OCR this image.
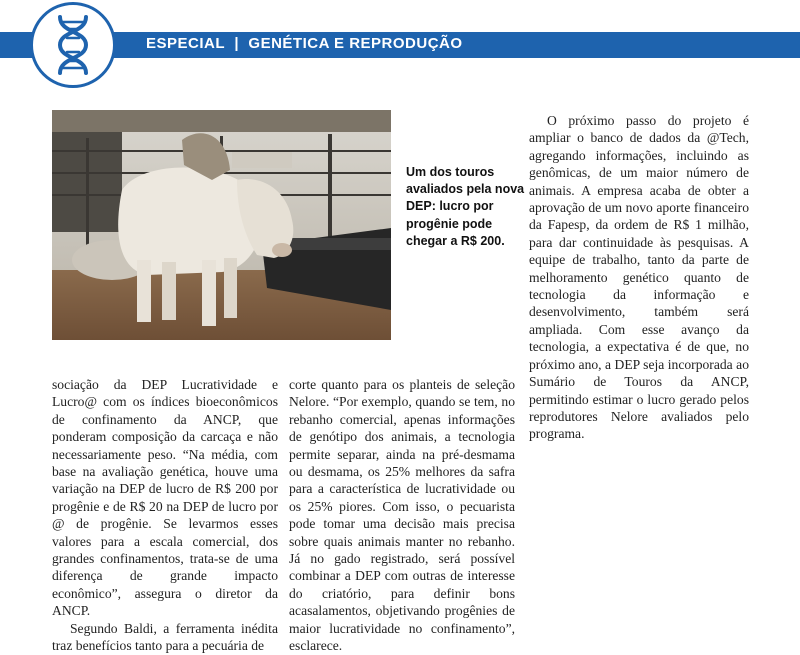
ESPECIAL | GENÉTICA E REPRODUÇÃO
Um dos touros avaliados pela nova DEP: lucro por progênie pode chegar a R$ 200.

sociação da DEP Lucratividade e Lucro@ com os índices bioeconômicos de confinamento da ANCP, que ponderam composição da carcaça e não necessariamente peso. “Na média, com base na avaliação genética, houve uma variação na DEP de lucro de R$ 200 por progênie e de R$ 20 na DEP de lucro por @ de progênie. Se levarmos esses valores para a escala comercial, dos grandes confinamentos, trata-se de uma diferença de grande impacto econômico”, assegura o diretor da ANCP.

Segundo Baldi, a ferramenta inédita traz benefícios tanto para a pecuária de

corte quanto para os planteis de seleção Nelore. “Por exemplo, quando se tem, no rebanho comercial, apenas informações de genótipo dos animais, a tecnologia permite separar, ainda na pré-desmama ou desmama, os 25% melhores da safra para a característica de lucratividade ou os 25% piores. Com isso, o pecuarista pode tomar uma decisão mais precisa sobre quais animais manter no rebanho. Já no gado registrado, será possível combinar a DEP com outras de interesse do criatório, para definir bons acasalamentos, objetivando progênies de maior lucratividade no confinamento”, esclarece.

O próximo passo do projeto é ampliar o banco de dados da @Tech, agregando informações, incluindo as genômicas, de um maior número de animais. A empresa acaba de obter a aprovação de um novo aporte financeiro da Fapesp, da ordem de R$ 1 milhão, para dar continuidade às pesquisas. A equipe de trabalho, tanto da parte de melhoramento genético quanto de tecnologia da informação e desenvolvimento, também será ampliada. Com esse avanço da tecnologia, a expectativa é de que, no próximo ano, a DEP seja incorporada ao Sumário de Touros da ANCP, permitindo estimar o lucro gerado pelos reprodutores Nelore avaliados pelo programa.
